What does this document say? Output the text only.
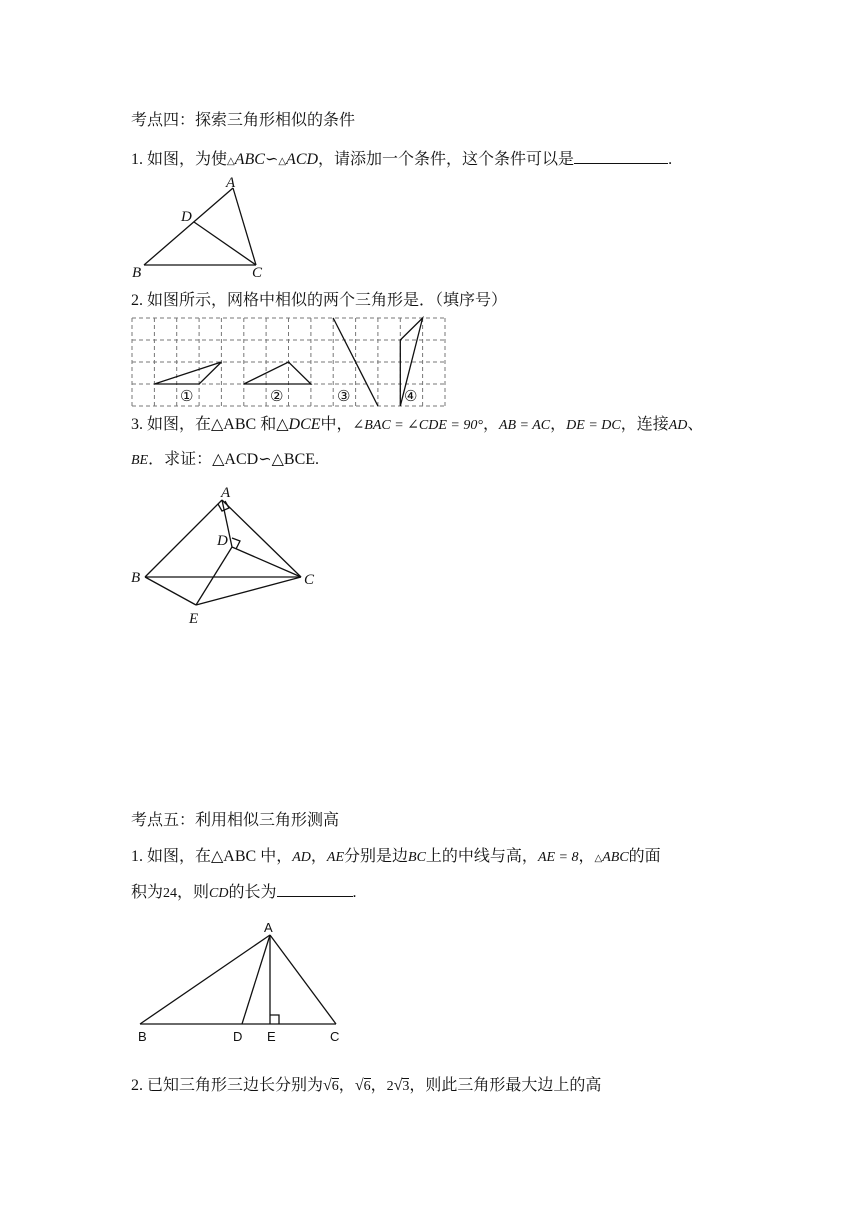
考点四：探索三角形相似的条件
1. 如图，为使△ABC∽△ACD，请添加一个条件，这个条件可以是	.
A
D
B	C
2. 如图所示，网格中相似的两个三角形是．（填序号）
①	②	③	④
3. 如图，在△ABC 和△DCE中，∠BAC = ∠CDE = 90°，AB = AC，DE = DC，连接AD、
BE．求证：△ACD∽△BCE.
A
D
B	C
E
考点五：利用相似三角形测高
1. 如图，在△ABC 中，AD，AE分别是边BC上的中线与高，AE = 8，△ABC的面
积为24，则CD的长为	.
A
B	D E	C
2. 已知三角形三边长分别为√6，√6，2√3，则此三角形最大边上的高
